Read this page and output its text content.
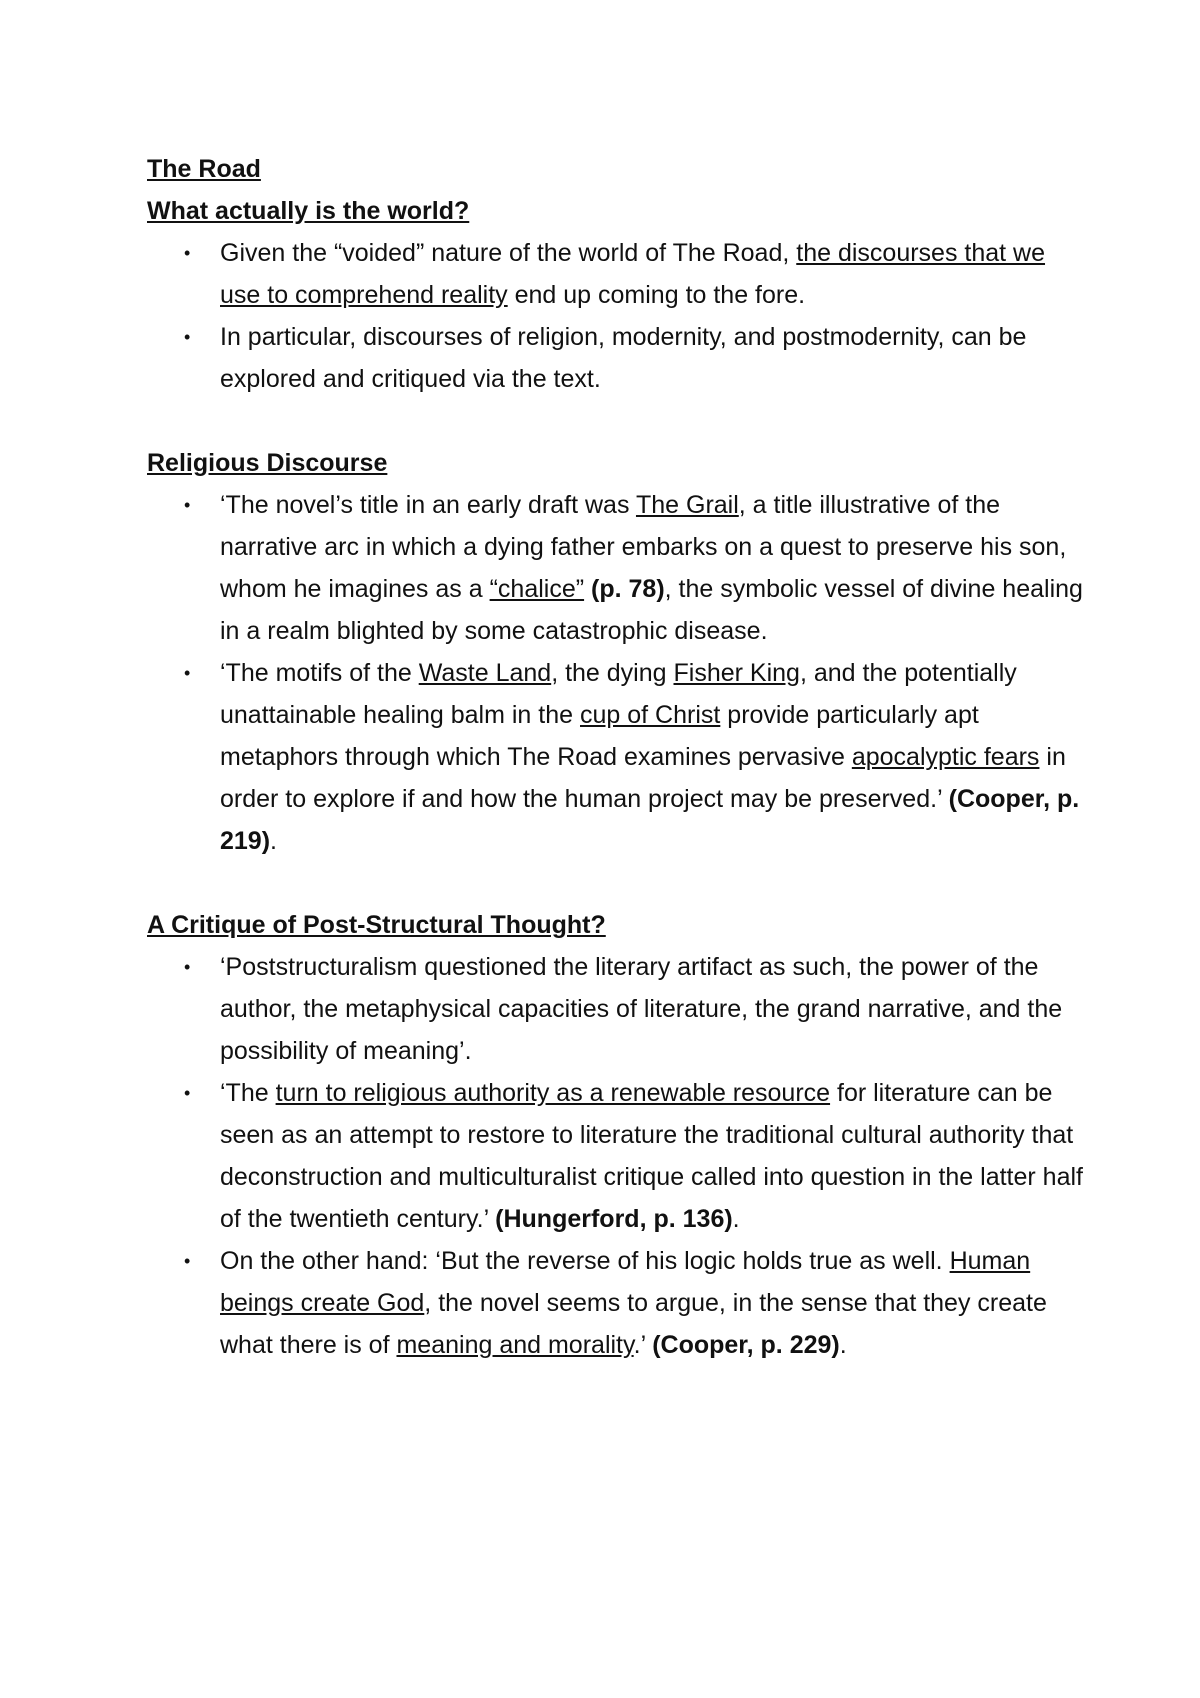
The Road
What actually is the world?
• Given the “voided” nature of the world of The Road, the discourses that we use to comprehend reality end up coming to the fore.
• In particular, discourses of religion, modernity, and postmodernity, can be explored and critiqued via the text.
Religious Discourse
• ‘The novel’s title in an early draft was The Grail, a title illustrative of the narrative arc in which a dying father embarks on a quest to preserve his son, whom he imagines as a “chalice” (p. 78), the symbolic vessel of divine healing in a realm blighted by some catastrophic disease.
• ‘The motifs of the Waste Land, the dying Fisher King, and the potentially unattainable healing balm in the cup of Christ provide particularly apt metaphors through which The Road examines pervasive apocalyptic fears in order to explore if and how the human project may be preserved.’ (Cooper, p. 219).
A Critique of Post-Structural Thought?
• ‘Poststructuralism questioned the literary artifact as such, the power of the author, the metaphysical capacities of literature, the grand narrative, and the possibility of meaning’.
• ‘The turn to religious authority as a renewable resource for literature can be seen as an attempt to restore to literature the traditional cultural authority that deconstruction and multiculturalist critique called into question in the latter half of the twentieth century.’ (Hungerford, p. 136).
• On the other hand: ‘But the reverse of his logic holds true as well. Human beings create God, the novel seems to argue, in the sense that they create what there is of meaning and morality.’ (Cooper, p. 229).
